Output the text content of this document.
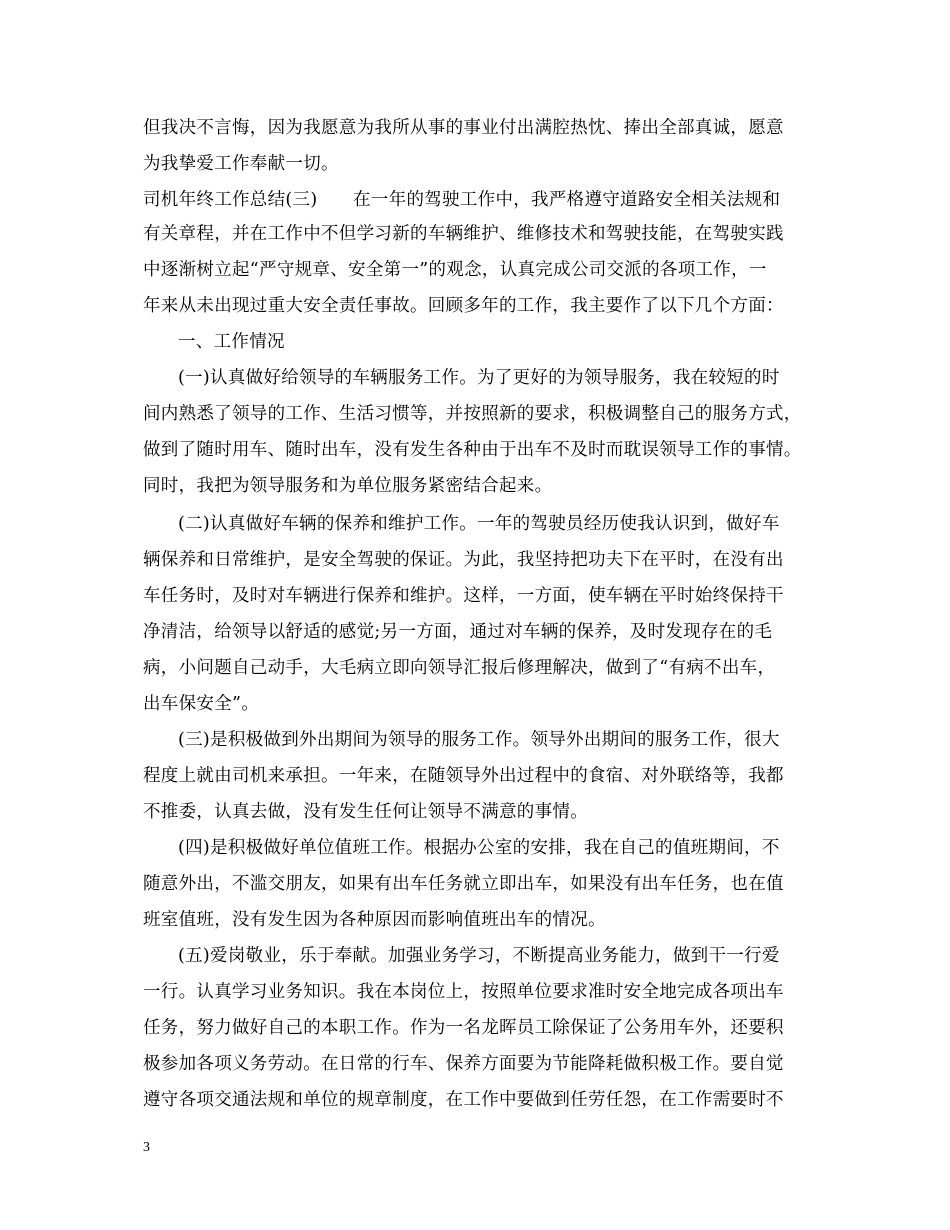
但我决不言悔，因为我愿意为我所从事的事业付出满腔热忱、捧出全部真诚，愿意
为我挚爱工作奉献一切。
司机年终工作总结(三)　　在一年的驾驶工作中，我严格遵守道路安全相关法规和
有关章程，并在工作中不但学习新的车辆维护、维修技术和驾驶技能，在驾驶实践
中逐渐树立起“严守规章、安全第一”的观念，认真完成公司交派的各项工作，一
年来从未出现过重大安全责任事故。回顾多年的工作，我主要作了以下几个方面：
一、工作情况
(一)认真做好给领导的车辆服务工作。为了更好的为领导服务，我在较短的时
间内熟悉了领导的工作、生活习惯等，并按照新的要求，积极调整自己的服务方式，
做到了随时用车、随时出车，没有发生各种由于出车不及时而耽误领导工作的事情。
同时，我把为领导服务和为单位服务紧密结合起来。
(二)认真做好车辆的保养和维护工作。一年的驾驶员经历使我认识到，做好车
辆保养和日常维护，是安全驾驶的保证。为此，我坚持把功夫下在平时，在没有出
车任务时，及时对车辆进行保养和维护。这样，一方面，使车辆在平时始终保持干
净清洁，给领导以舒适的感觉;另一方面，通过对车辆的保养，及时发现存在的毛
病，小问题自己动手，大毛病立即向领导汇报后修理解决，做到了“有病不出车，
出车保安全”。
(三)是积极做到外出期间为领导的服务工作。领导外出期间的服务工作，很大
程度上就由司机来承担。一年来，在随领导外出过程中的食宿、对外联络等，我都
不推委，认真去做，没有发生任何让领导不满意的事情。
(四)是积极做好单位值班工作。根据办公室的安排，我在自己的值班期间，不
随意外出，不滥交朋友，如果有出车任务就立即出车，如果没有出车任务，也在值
班室值班，没有发生因为各种原因而影响值班出车的情况。
(五)爱岗敬业，乐于奉献。加强业务学习，不断提高业务能力，做到干一行爱
一行。认真学习业务知识。我在本岗位上，按照单位要求准时安全地完成各项出车
任务，努力做好自己的本职工作。作为一名龙晖员工除保证了公务用车外，还要积
极参加各项义务劳动。在日常的行车、保养方面要为节能降耗做积极工作。要自觉
遵守各项交通法规和单位的规章制度，在工作中要做到任劳任怨，在工作需要时不
3
